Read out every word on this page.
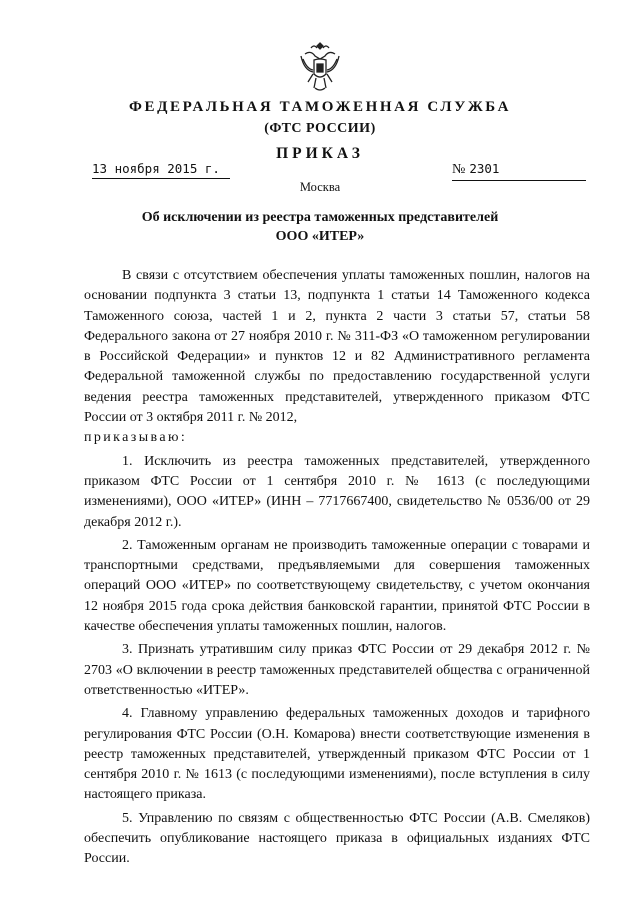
ФЕДЕРАЛЬНАЯ ТАМОЖЕННАЯ СЛУЖБА
(ФТС РОССИИ)
ПРИКАЗ
13 ноября 2015 г.	№ 2301
Москва
Об исключении из реестра таможенных представителей
ООО «ИТЕР»

В связи с отсутствием обеспечения уплаты таможенных пошлин, налогов на основании подпункта 3 статьи 13, подпункта 1 статьи 14 Таможенного кодекса Таможенного союза, частей 1 и 2, пункта 2 части 3 статьи 57, статьи 58 Федерального закона от 27 ноября 2010 г. № 311-ФЗ «О таможенном регулировании в Российской Федерации» и пунктов 12 и 82 Административного регламента Федеральной таможенной службы по предоставлению государственной услуги ведения реестра таможенных представителей, утвержденного приказом ФТС России от 3 октября 2011 г. № 2012,

приказываю:

1. Исключить из реестра таможенных представителей, утвержденного приказом ФТС России от 1 сентября 2010 г. № 1613 (с последующими изменениями), ООО «ИТЕР» (ИНН – 7717667400, свидетельство № 0536/00 от 29 декабря 2012 г.).

2. Таможенным органам не производить таможенные операции с товарами и транспортными средствами, предъявляемыми для совершения таможенных операций ООО «ИТЕР» по соответствующему свидетельству, с учетом окончания 12 ноября 2015 года срока действия банковской гарантии, принятой ФТС России в качестве обеспечения уплаты таможенных пошлин, налогов.

3. Признать утратившим силу приказ ФТС России от 29 декабря 2012 г. № 2703 «О включении в реестр таможенных представителей общества с ограниченной ответственностью «ИТЕР».

4. Главному управлению федеральных таможенных доходов и тарифного регулирования ФТС России (О.Н. Комарова) внести соответствующие изменения в реестр таможенных представителей, утвержденный приказом ФТС России от 1 сентября 2010 г. № 1613 (с последующими изменениями), после вступления в силу настоящего приказа.

5. Управлению по связям с общественностью ФТС России (А.В. Смеляков) обеспечить опубликование настоящего приказа в официальных изданиях ФТС России.
